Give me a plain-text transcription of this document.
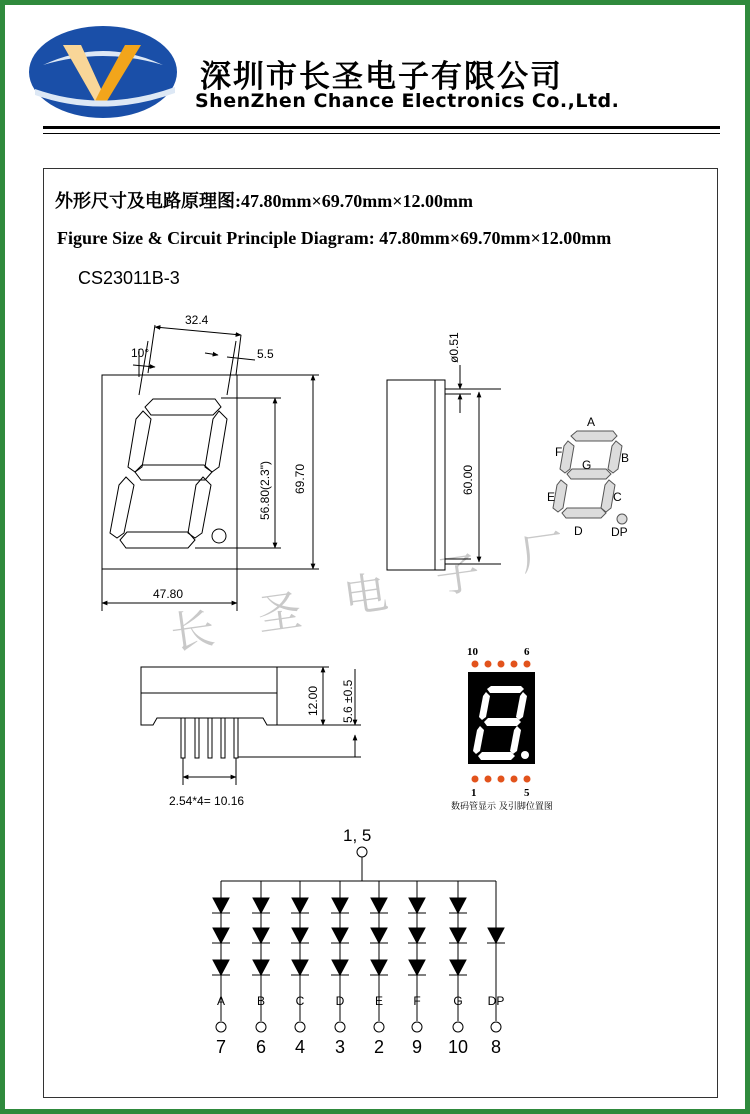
深圳市长圣电子有限公司
ShenZhen Chance Electronics Co.,Ltd.
外形尺寸及电路原理图:47.80mm×69.70mm×12.00mm
Figure Size & Circuit Principle Diagram: 47.80mm×69.70mm×12.00mm
CS23011B-3
长 圣 电 子 厂
32.4
10°	5.5
56.80(2.3") 69.70
47.80
ø0.51
60.00
A
B
C
D
E
F
G
DP
12.00 5.6 ±0.5
2.54*4= 10.16
10	6
1	5
数码管显示 及引脚位置图
1, 5
A
7
B
6
C
4
D
3
E
2
F
9
G
10
DP
8
